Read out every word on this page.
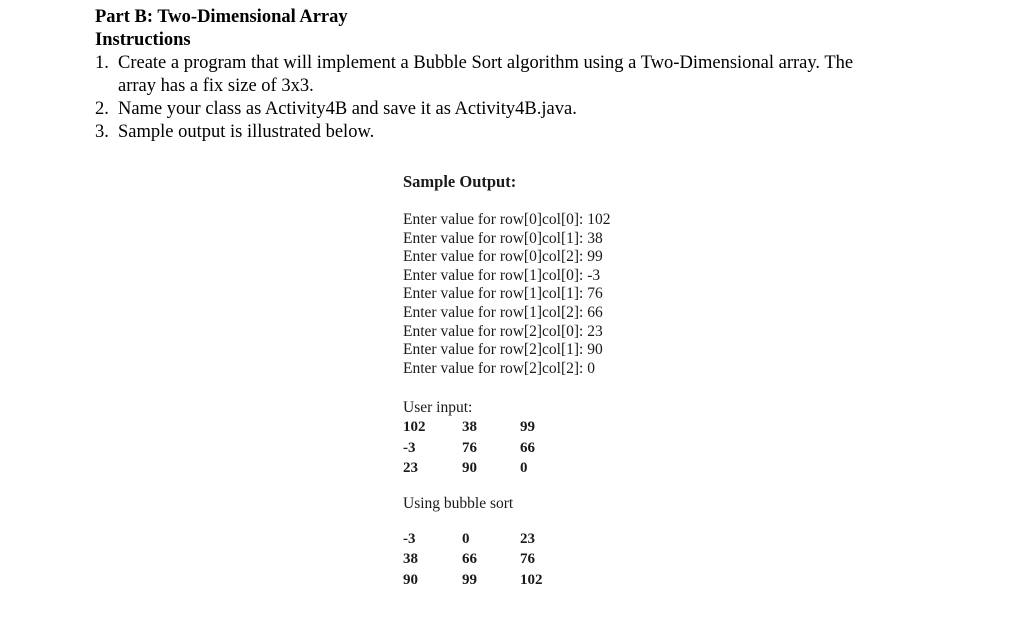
Part B: Two-Dimensional Array

Instructions

1. Create a program that will implement a Bubble Sort algorithm using a Two-Dimensional array. The
array has a fix size of 3x3.
2. Name your class as Activity4B and save it as Activity4B.java.
3. Sample output is illustrated below.

Sample Output:

Enter value for row[0]col[0]: 102
Enter value for row[0]col[1]: 38
Enter value for row[0]col[2]: 99
Enter value for row[1]col[0]: -3
Enter value for row[1]col[1]: 76
Enter value for row[1]col[2]: 66
Enter value for row[2]col[0]: 23
Enter value for row[2]col[1]: 90
Enter value for row[2]col[2]: 0
User input:
102	38	99
-3	76	66
23	90	0
Using bubble sort
-3	0	23
38	66	76
90	99	102
